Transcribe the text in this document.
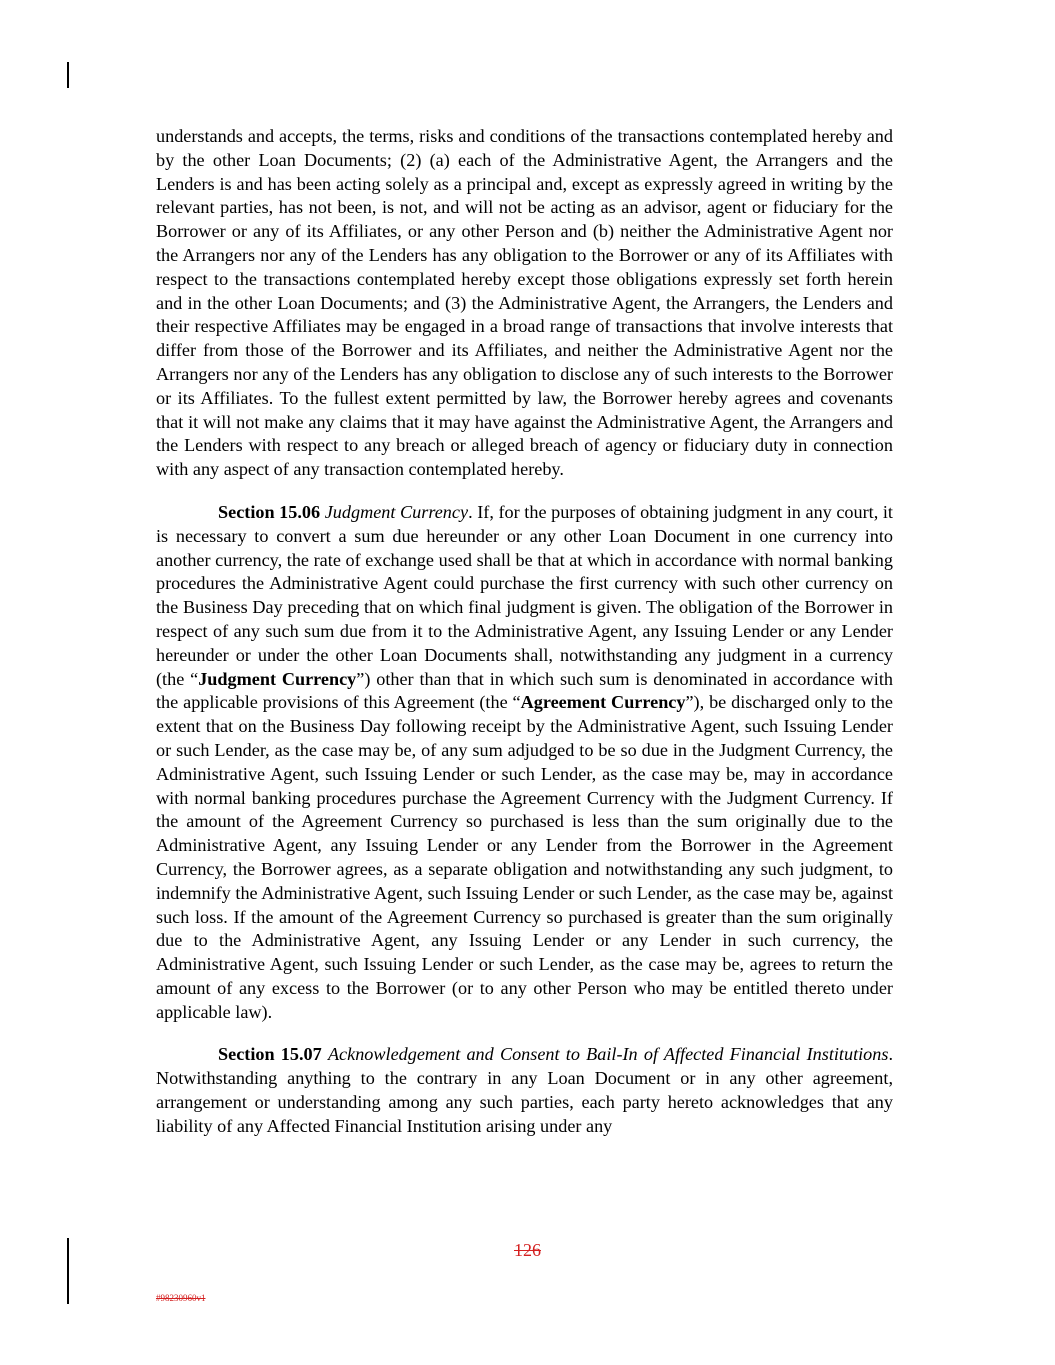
understands and accepts, the terms, risks and conditions of the transactions contemplated hereby and by the other Loan Documents; (2) (a) each of the Administrative Agent, the Arrangers and the Lenders is and has been acting solely as a principal and, except as expressly agreed in writing by the relevant parties, has not been, is not, and will not be acting as an advisor, agent or fiduciary for the Borrower or any of its Affiliates, or any other Person and (b) neither the Administrative Agent nor the Arrangers nor any of the Lenders has any obligation to the Borrower or any of its Affiliates with respect to the transactions contemplated hereby except those obligations expressly set forth herein and in the other Loan Documents; and (3) the Administrative Agent, the Arrangers, the Lenders and their respective Affiliates may be engaged in a broad range of transactions that involve interests that differ from those of the Borrower and its Affiliates, and neither the Administrative Agent nor the Arrangers nor any of the Lenders has any obligation to disclose any of such interests to the Borrower or its Affiliates. To the fullest extent permitted by law, the Borrower hereby agrees and covenants that it will not make any claims that it may have against the Administrative Agent, the Arrangers and the Lenders with respect to any breach or alleged breach of agency or fiduciary duty in connection with any aspect of any transaction contemplated hereby.

Section 15.06 Judgment Currency. If, for the purposes of obtaining judgment in any court, it is necessary to convert a sum due hereunder or any other Loan Document in one currency into another currency, the rate of exchange used shall be that at which in accordance with normal banking procedures the Administrative Agent could purchase the first currency with such other currency on the Business Day preceding that on which final judgment is given. The obligation of the Borrower in respect of any such sum due from it to the Administrative Agent, any Issuing Lender or any Lender hereunder or under the other Loan Documents shall, notwithstanding any judgment in a currency (the “Judgment Currency”) other than that in which such sum is denominated in accordance with the applicable provisions of this Agreement (the “Agreement Currency”), be discharged only to the extent that on the Business Day following receipt by the Administrative Agent, such Issuing Lender or such Lender, as the case may be, of any sum adjudged to be so due in the Judgment Currency, the Administrative Agent, such Issuing Lender or such Lender, as the case may be, may in accordance with normal banking procedures purchase the Agreement Currency with the Judgment Currency. If the amount of the Agreement Currency so purchased is less than the sum originally due to the Administrative Agent, any Issuing Lender or any Lender from the Borrower in the Agreement Currency, the Borrower agrees, as a separate obligation and notwithstanding any such judgment, to indemnify the Administrative Agent, such Issuing Lender or such Lender, as the case may be, against such loss. If the amount of the Agreement Currency so purchased is greater than the sum originally due to the Administrative Agent, any Issuing Lender or any Lender in such currency, the Administrative Agent, such Issuing Lender or such Lender, as the case may be, agrees to return the amount of any excess to the Borrower (or to any other Person who may be entitled thereto under applicable law).

Section 15.07 Acknowledgement and Consent to Bail-In of Affected Financial Institutions. Notwithstanding anything to the contrary in any Loan Document or in any other agreement, arrangement or understanding among any such parties, each party hereto acknowledges that any liability of any Affected Financial Institution arising under any

126
#98230960v1
